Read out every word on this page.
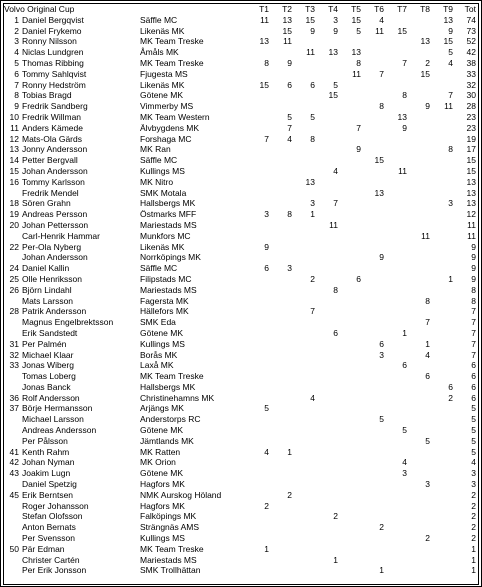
Volvo Original Cup			T1	T2	T3	T4	T5	T6	T7	T8	T9	Tot
1	Daniel Bergqvist	Säffle MC	11	13	15	3	15	4			13	74
2	Daniel Frykemo	Likenäs MK		15	9	9	5	11	15		9	73
3	Ronny Nilsson	MK Team Treske	13	11						13	15	52
4	Niclas Lundgren	Åmåls MK			11	13	13				5	42
5	Thomas Ribbing	MK Team Treske	8	9			8		7	2	4	38
6	Tommy Sahlqvist	Fjugesta MS					11	7		15		33
7	Ronny Hedström	Likenäs MK	15	6	6	5						32
8	Tobias Bragd	Götene MK				15			8		7	30
9	Fredrik Sandberg	Vimmerby MS						8		9	11	28
10	Fredrik Willman	MK Team Western		5	5				13			23
11	Anders Kämede	Älvbygdens MK		7			7		9			23
12	Mats-Ola Gärds	Forshaga MC	7	4	8							19
13	Jonny Andersson	MK Ran					9				8	17
14	Petter Bergvall	Säffle MC						15				15
15	Johan Andersson	Kullings MS				4			11			15
16	Tommy Karlsson	MK Nitro			13							13
	Fredrik Mendel	SMK Motala						13				13
18	Sören Grahn	Hallsbergs MK			3	7					3	13
19	Andreas Persson	Östmarks MFF	3	8	1							12
20	Johan Pettersson	Mariestads MS				11						11
	Carl-Henrik Hammar	Munkfors MC								11		11
22	Per-Ola Nyberg	Likenäs MK	9									9
	Johan Andersson	Norrköpings MK						9				9
24	Daniel Kallin	Säffle MC	6	3								9
25	Olle Henriksson	Filipstads MC			2		6				1	9
26	Björn Lindahl	Mariestads MS				8						8
	Mats Larsson	Fagersta MK								8		8
28	Patrik Andersson	Hällefors MK			7							7
	Magnus Engelbrektsson	SMK Eda								7		7
	Erik Sandstedt	Götene MK				6			1			7
31	Per Palmén	Kullings MS						6		1		7
32	Michael Klaar	Borås MK						3		4		7
33	Jonas Wiberg	Laxå MK							6			6
	Tomas Loberg	MK Team Treske								6		6
	Jonas Banck	Hallsbergs MK									6	6
36	Rolf Andersson	Christinehamns MK			4						2	6
37	Börje Hermansson	Arjängs MK	5									5
	Michael Larsson	Anderstorps RC						5				5
	Andreas Andersson	Götene MK							5			5
	Per Pålsson	Jämtlands MK								5		5
41	Kenth Rahm	MK Ratten	4	1								5
42	Johan Nyman	MK Orion							4			4
43	Joakim Lugn	Götene MK							3			3
	Daniel Spetzig	Hagfors MK								3		3
45	Erik Berntsen	NMK Aurskog Höland		2								2
	Roger Johansson	Hagfors MK	2									2
	Stefan Olofsson	Falköpings MK				2						2
	Anton Bernats	Strängnäs AMS						2				2
	Per Svensson	Kullings MS								2		2
50	Pär Edman	MK Team Treske	1									1
	Christer Cartén	Mariestads MS				1						1
	Per Erik Jonsson	SMK Trollhättan						1				1
